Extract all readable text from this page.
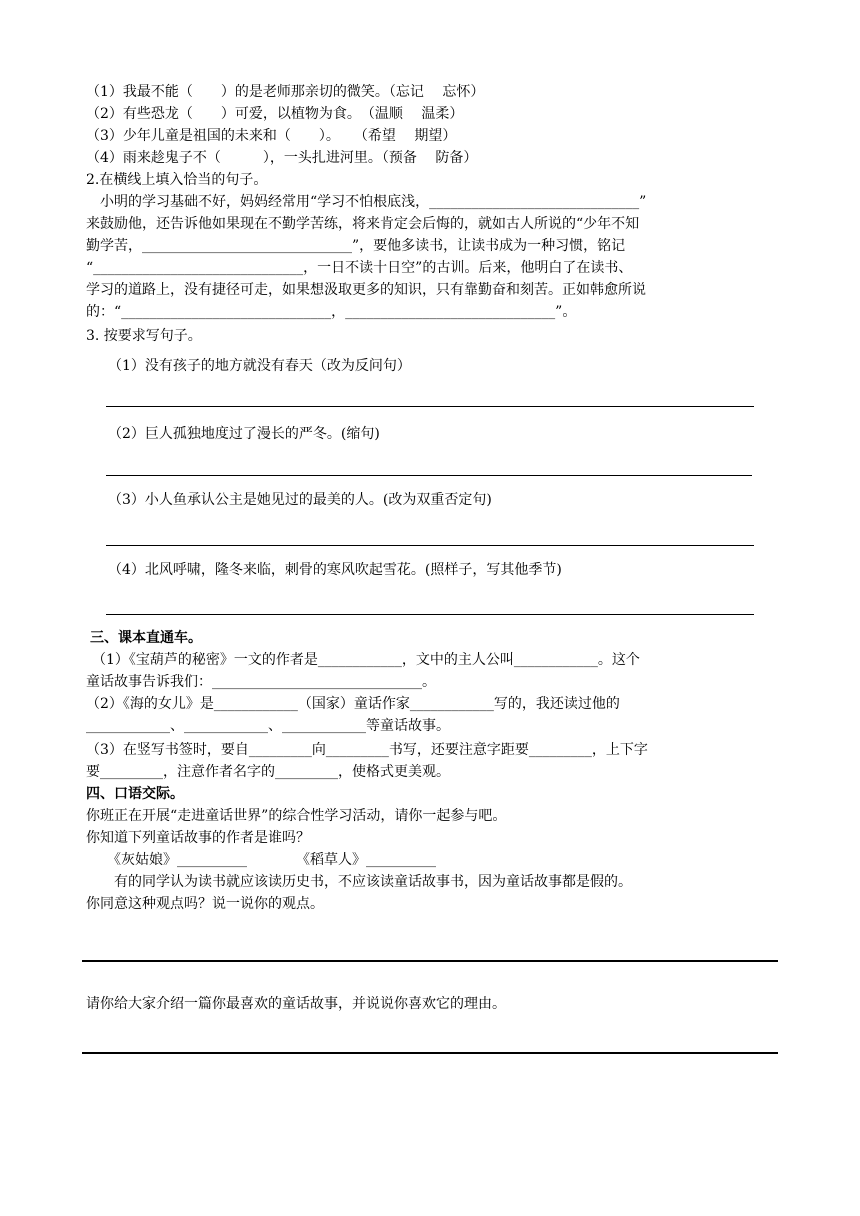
（1）我最不能（　　）的是老师那亲切的微笑。（忘记　 忘怀）
（2）有些恐龙（　　）可爱，以植物为食。　（温顺　 温柔）
（3）少年儿童是祖国的未来和（　　）。　　（希望　 期望）
（4）雨来趁鬼子不（　　　），一头扎进河里。（预备　 防备）
2.在横线上填入恰当的句子。
　小明的学习基础不好，妈妈经常用“学习不怕根底浅，______________________________”
来鼓励他，还告诉他如果现在不勤学苦练，将来肯定会后悔的，就如古人所说的“少年不知
勤学苦，______________________________”，要他多读书，让读书成为一种习惯，铭记
“______________________________，一日不读十日空”的古训。后来，他明白了在读书、
学习的道路上，没有捷径可走，如果想汲取更多的知识，只有靠勤奋和刻苦。正如韩愈所说
的：“______________________________，______________________________”。
3. 按要求写句子。
（1）没有孩子的地方就没有春天（改为反问句）
（2）巨人孤独地度过了漫长的严冬。(缩句)
（3）小人鱼承认公主是她见过的最美的人。(改为双重否定句)
（4）北风呼啸，隆冬来临，刺骨的寒风吹起雪花。(照样子，写其他季节)
三、课本直通车。
（1）《宝葫芦的秘密》一文的作者是____________，文中的主人公叫____________。这个
童话故事告诉我们：______________________________。
（2）《海的女儿》是____________（国家）童话作家____________写的，我还读过他的
____________、____________、____________等童话故事。
（3）在竖写书签时，要自_________向_________书写，还要注意字距要_________，上下字
要_________，注意作者名字的_________，使格式更美观。
四、口语交际。
你班正在开展“走进童话世界”的综合性学习活动，请你一起参与吧。
你知道下列童话故事的作者是谁吗？
　　《灰姑娘》__________　　　　《稻草人》__________
　　有的同学认为读书就应该读历史书，不应该读童话故事书，因为童话故事都是假的。
你同意这种观点吗？说一说你的观点。
请你给大家介绍一篇你最喜欢的童话故事，并说说你喜欢它的理由。
